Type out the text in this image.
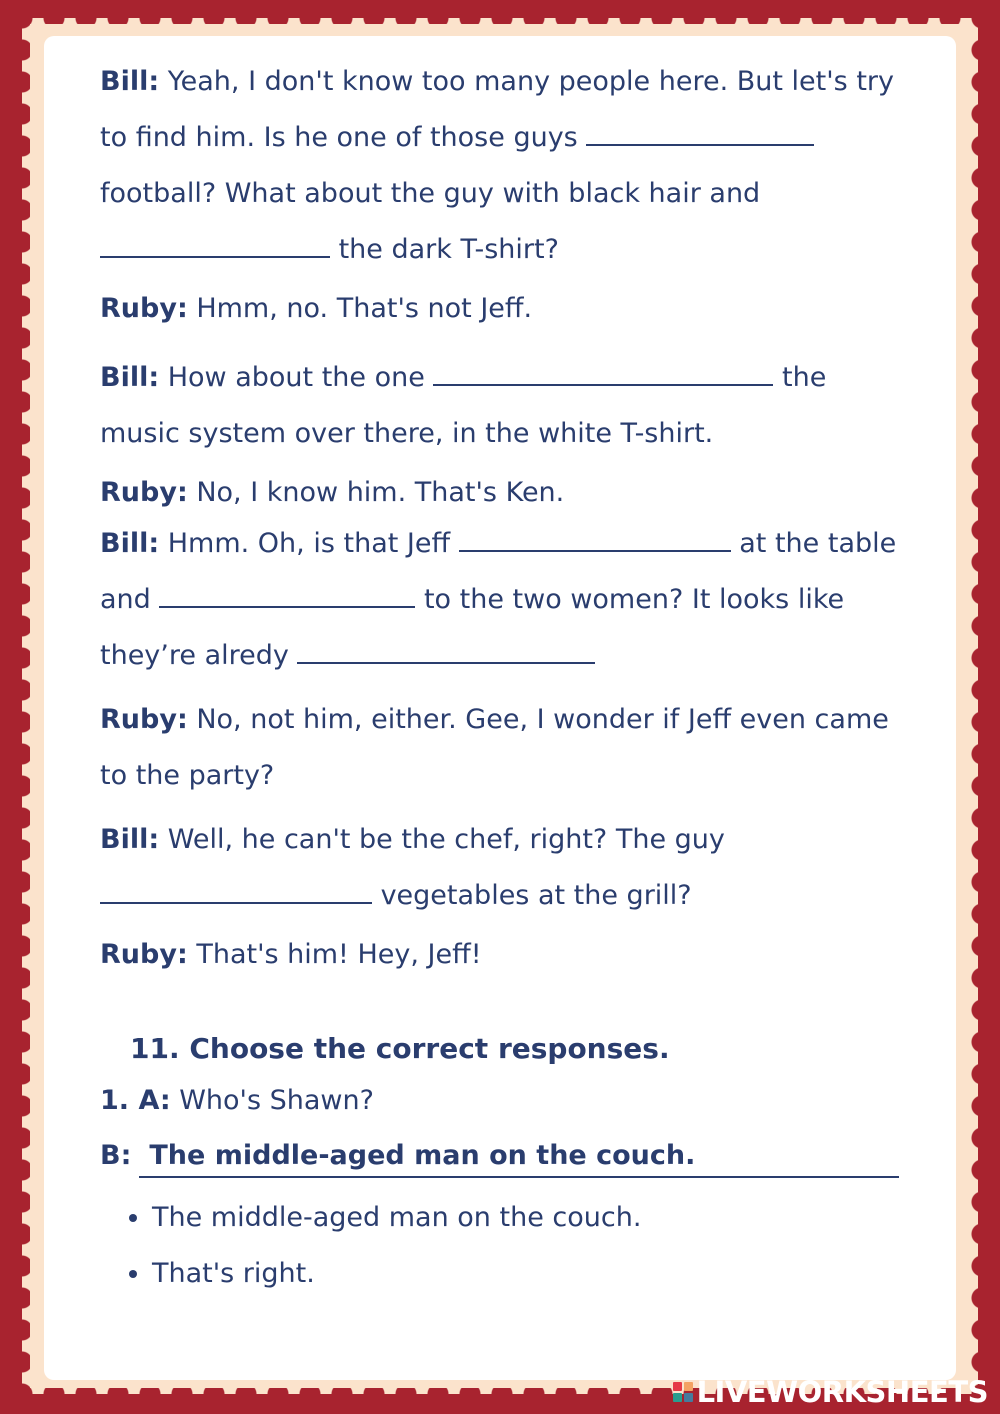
Bill: Yeah, I don't know too many people here. But let's try to find him. Is he one of those guys  football? What about the guy with black hair and  the dark T-shirt?

Ruby: Hmm, no. That's not Jeff.

Bill: How about the one	the music system over there, in the white T-shirt.

Ruby: No, I know him. That's Ken.

Bill: Hmm. Oh, is that Jeff	at the table and	to the two women? It looks like they’re alredy

Ruby: No, not him, either. Gee, I wonder if Jeff even came to the party?

Bill: Well, he can't be the chef, right? The guy  vegetables at the grill?

Ruby: That's him! Hey, Jeff!

11. Choose the correct responses.
1. A: Who's Shawn?
B: The middle-aged man on the couch.
• The middle-aged man on the couch.
• That's right.
LIVEWORKSHEETS
